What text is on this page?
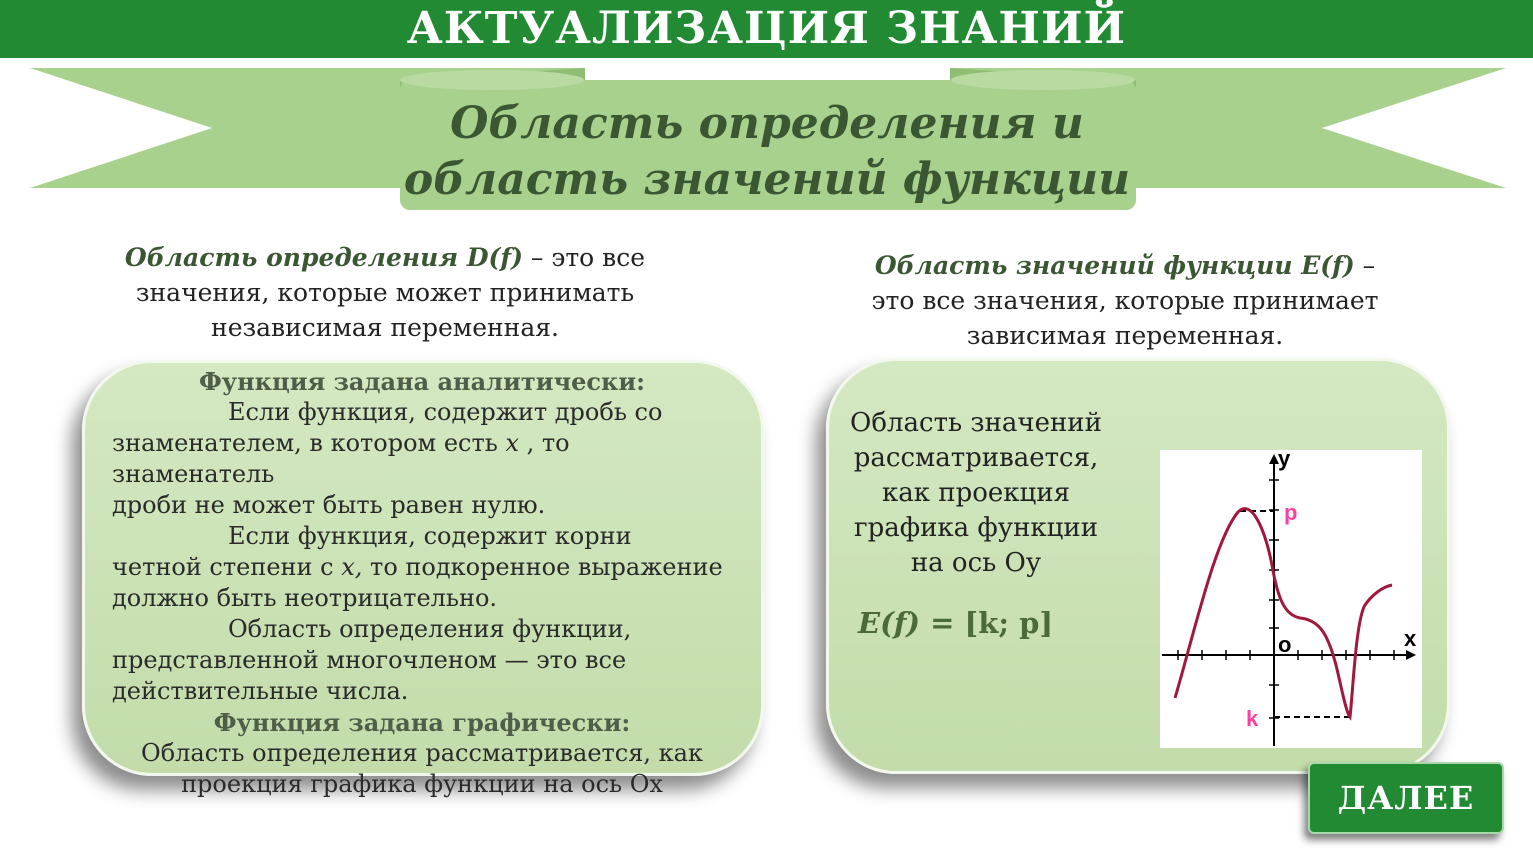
АКТУАЛИЗАЦИЯ ЗНАНИЙ
Область определения и
область значений функции
Область определения D(f) – это все
значения, которые может принимать
независимая переменная.
Область значений функции E(f) –
это все значения, которые принимает
зависимая переменная.

Функция задана аналитически:

Если функция, содержит дробь со

знаменателем, в котором есть x , то знаменатель

дроби не может быть равен нулю.

Если функция, содержит корни

четной степени с x, то подкоренное выражение

должно быть неотрицательно.

Область определения функции,

представленной многочленом — это все

действительные числа.

Функция задана графически:

Область определения рассматривается, как

проекция графика функции на ось Ох

Область значений
рассматривается,
как проекция
графика функции
на ось Оу
E(f) = [k; p]
y
x
o
p
k
ДАЛЕЕ
